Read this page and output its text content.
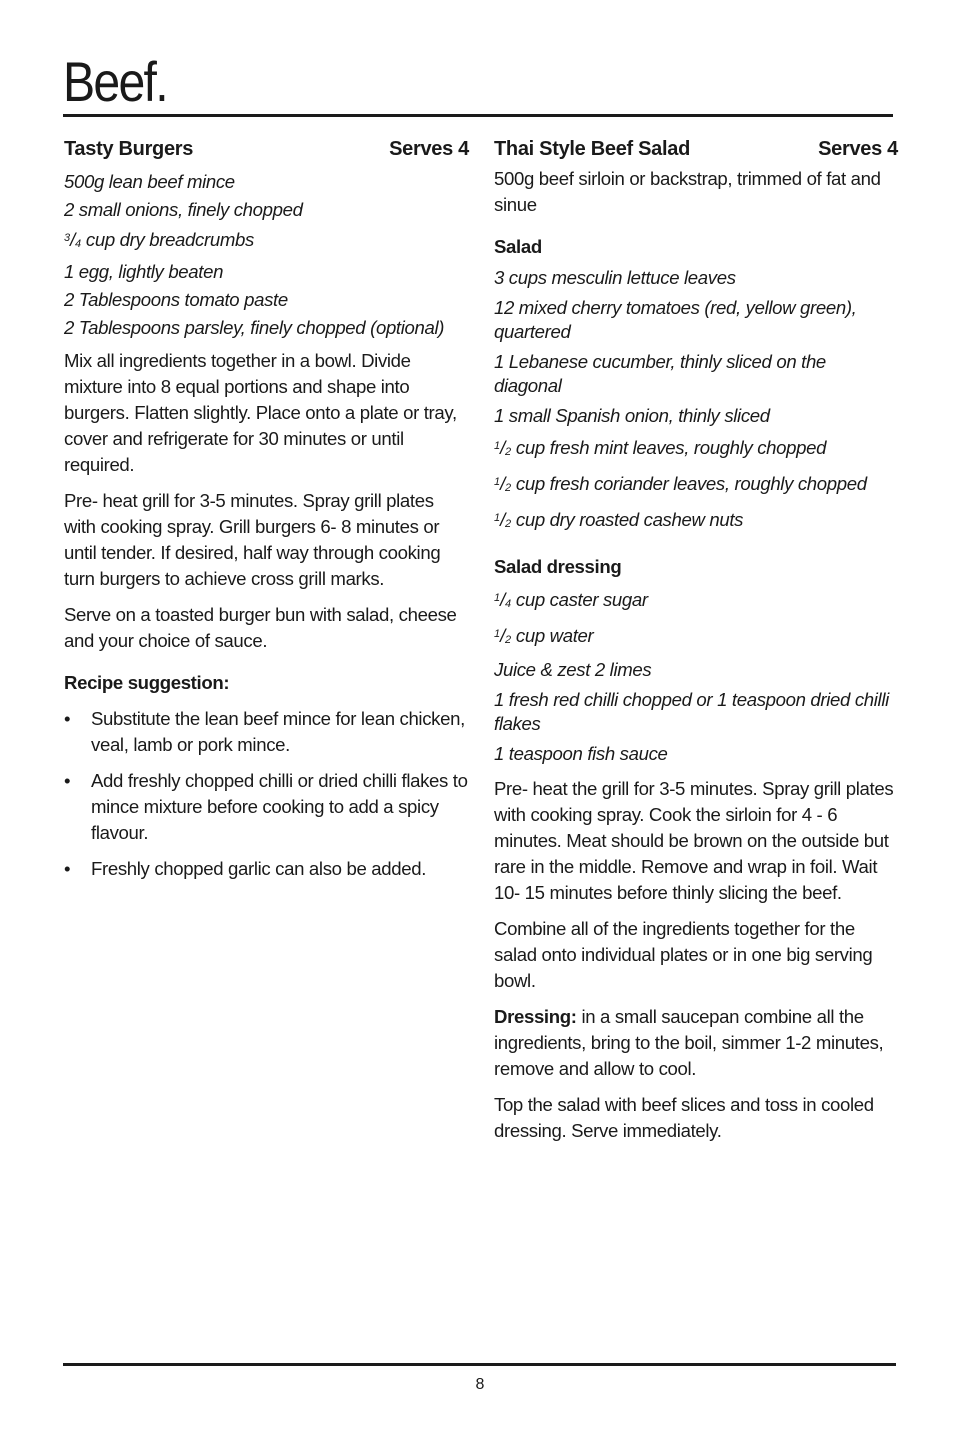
Beef.
Tasty Burgers	Serves 4
500g lean beef mince
2 small onions, finely chopped
$^3$/4 cup dry breadcrumbs
1 egg, lightly beaten
2 Tablespoons tomato paste
2 Tablespoons parsley, finely chopped (optional)

Mix all ingredients together in a bowl. Divide mixture into 8 equal portions and shape into burgers. Flatten slightly. Place onto a plate or tray, cover and refrigerate for 30 minutes or until required.

Pre- heat grill for 3-5 minutes. Spray grill plates with cooking spray. Grill burgers 6- 8 minutes or until tender. If desired, half way through cooking turn burgers to achieve cross grill marks.

Serve on a toasted burger bun with salad, cheese and your choice of sauce.

Recipe suggestion:
• Substitute the lean beef mince for lean chicken, veal, lamb or pork mince.
• Add freshly chopped chilli or dried chilli flakes to mince mixture before cooking to add a spicy flavour.
• Freshly chopped garlic can also be added.
Thai Style Beef Salad	Serves 4

500g beef sirloin or backstrap, trimmed of fat and sinue

Salad
3 cups mesculin lettuce leaves
12 mixed cherry tomatoes (red, yellow green), quartered
1 Lebanese cucumber, thinly sliced on the diagonal
1 small Spanish onion, thinly sliced
$^1$/2 cup fresh mint leaves, roughly chopped
$^1$/2 cup fresh coriander leaves, roughly chopped
$^1$/2 cup dry roasted cashew nuts
Salad dressing
$^1$/4 cup caster sugar
$^1$/2 cup water
Juice & zest 2 limes
1 fresh red chilli chopped or 1 teaspoon dried chilli flakes
1 teaspoon fish sauce

Pre- heat the grill for 3-5 minutes. Spray grill plates with cooking spray. Cook the sirloin for 4 - 6 minutes. Meat should be brown on the outside but rare in the middle. Remove and wrap in foil. Wait 10- 15 minutes before thinly slicing the beef.

Combine all of the ingredients together for the salad onto individual plates or in one big serving bowl.

Dressing: in a small saucepan combine all the ingredients, bring to the boil, simmer 1-2 minutes, remove and allow to cool.

Top the salad with beef slices and toss in cooled dressing. Serve immediately.

8
